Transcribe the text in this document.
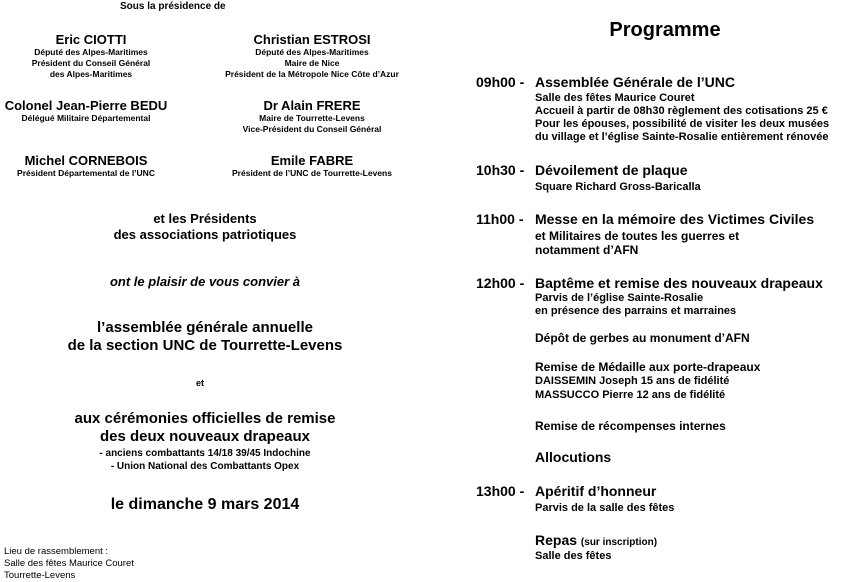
Sous la présidence de
Eric CIOTTI
Député des Alpes-Maritimes
Président du Conseil Général
des Alpes-Maritimes
Christian ESTROSI
Député des Alpes-Maritimes
Maire de Nice
Président de la Métropole Nice Côte d’Azur
Colonel Jean-Pierre BEDU
Délégué Militaire Départemental
Dr Alain FRERE
Maire de Tourrette-Levens
Vice-Président du Conseil Général
Michel CORNEBOIS
Président Départemental de l’UNC
Emile FABRE
Président de l’UNC de Tourrette-Levens
et les Présidents
des associations patriotiques
ont le plaisir de vous convier à
l’assemblée générale annuelle
de la section UNC de Tourrette-Levens
et
aux cérémonies officielles de remise
des deux nouveaux drapeaux
- anciens combattants 14/18 39/45 Indochine
- Union National des Combattants Opex
le dimanche 9 mars 2014
Lieu de rassemblement :
Salle des fêtes Maurice Couret
Tourrette-Levens
Programme
09h00 - Assemblée Générale de l’UNC
Salle des fêtes Maurice Couret
Accueil à partir de 08h30 règlement des cotisations 25 €
Pour les épouses, possibilité de visiter les deux musées
du village et l’église Sainte-Rosalie entièrement rénovée
10h30 - Dévoilement de plaque
Square Richard Gross-Baricalla
11h00 - Messe en la mémoire des Victimes Civiles
et Militaires de toutes les guerres et
notamment d’AFN
12h00 - Baptême et remise des nouveaux drapeaux
Parvis de l’église Sainte-Rosalie
en présence des parrains et marraines
Dépôt de gerbes au monument d’AFN
Remise de Médaille aux porte-drapeaux
DAISSEMIN Joseph 15 ans de fidélité
MASSUCCO Pierre 12 ans de fidélité
Remise de récompenses internes
Allocutions
13h00 - Apéritif d’honneur
Parvis de la salle des fêtes
Repas (sur inscription)
Salle des fêtes
